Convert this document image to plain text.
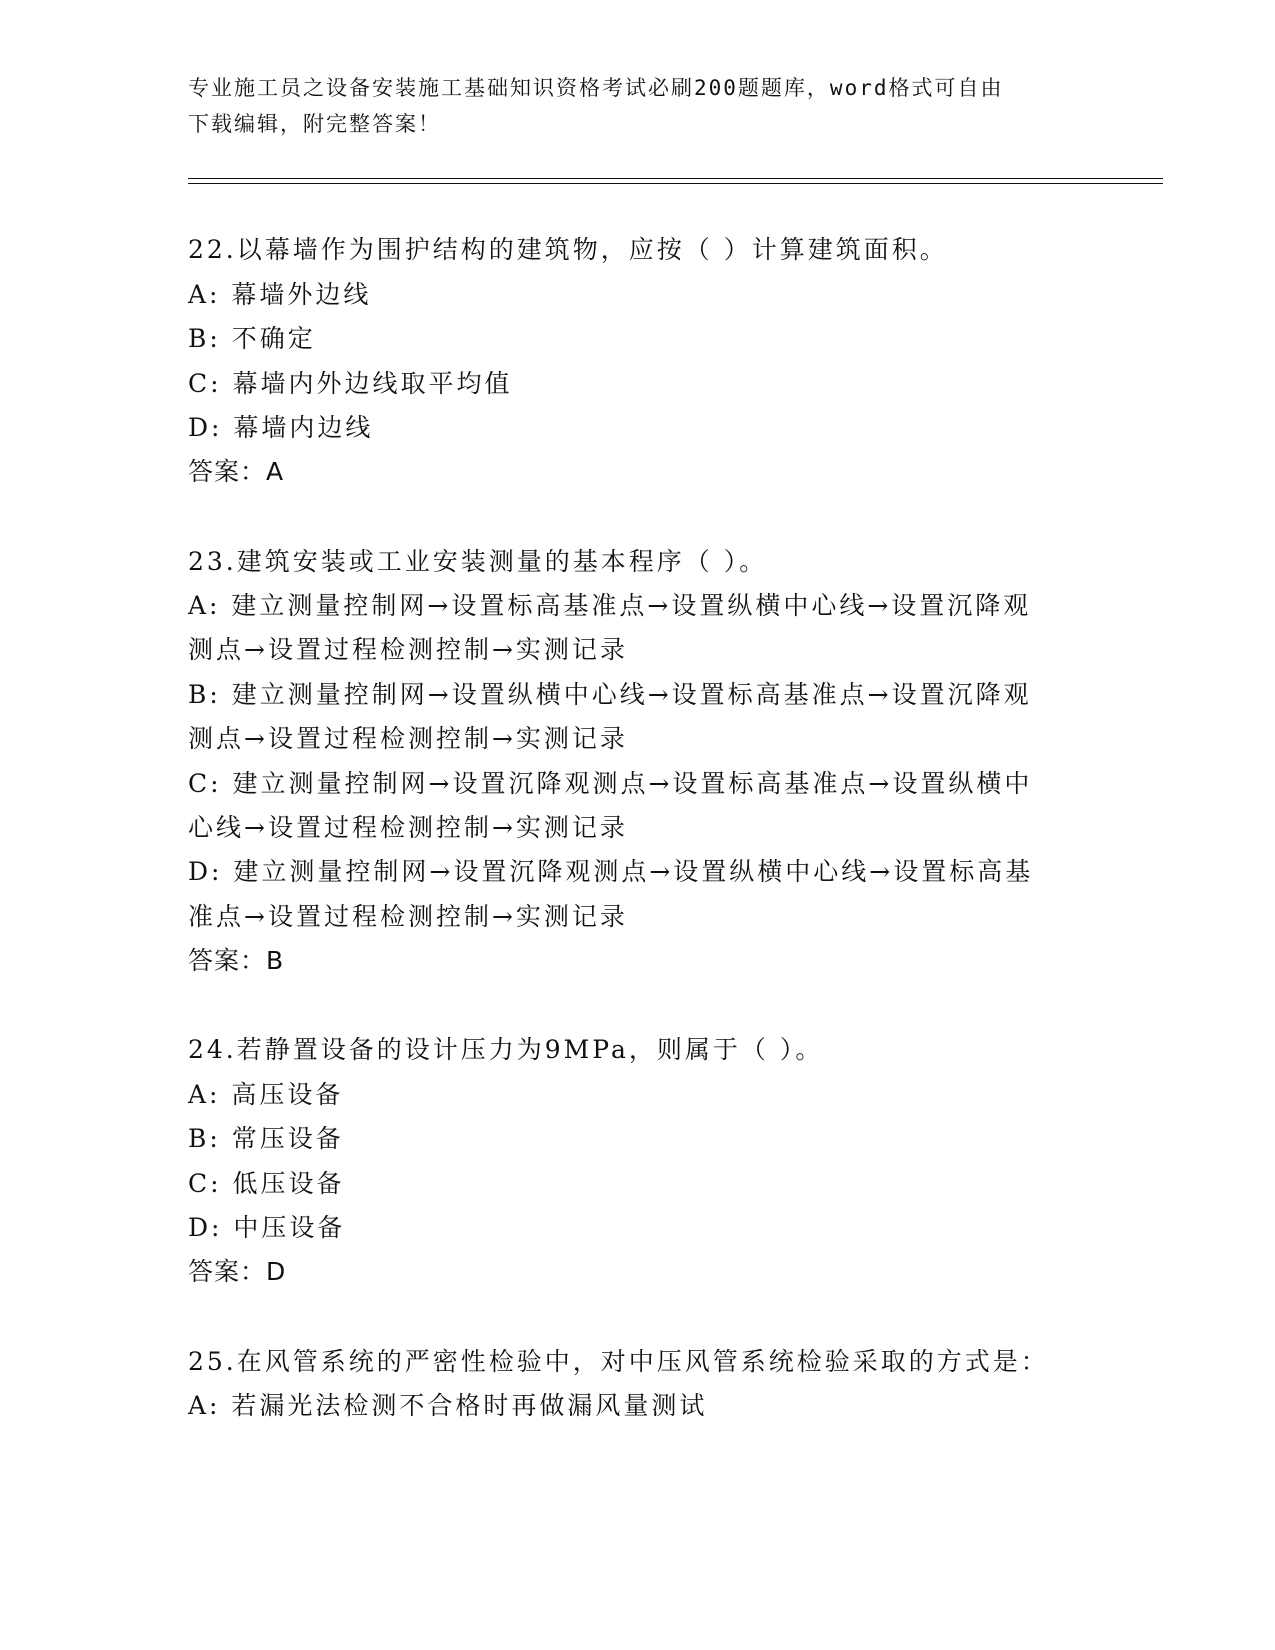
专业施工员之设备安装施工基础知识资格考试必刷200题题库，word格式可自由
下载编辑，附完整答案！
22.以幕墙作为围护结构的建筑物，应按（ ）计算建筑面积。
A: 幕墙外边线
B: 不确定
C: 幕墙内外边线取平均值
D: 幕墙内边线
答案：A
23.建筑安装或工业安装测量的基本程序（ ）。
A: 建立测量控制网→设置标高基准点→设置纵横中心线→设置沉降观
测点→设置过程检测控制→实测记录
B: 建立测量控制网→设置纵横中心线→设置标高基准点→设置沉降观
测点→设置过程检测控制→实测记录
C: 建立测量控制网→设置沉降观测点→设置标高基准点→设置纵横中
心线→设置过程检测控制→实测记录
D: 建立测量控制网→设置沉降观测点→设置纵横中心线→设置标高基
准点→设置过程检测控制→实测记录
答案：B
24.若静置设备的设计压力为9MPa，则属于（ ）。
A: 高压设备
B: 常压设备
C: 低压设备
D: 中压设备
答案：D
25.在风管系统的严密性检验中，对中压风管系统检验采取的方式是：
A: 若漏光法检测不合格时再做漏风量测试
